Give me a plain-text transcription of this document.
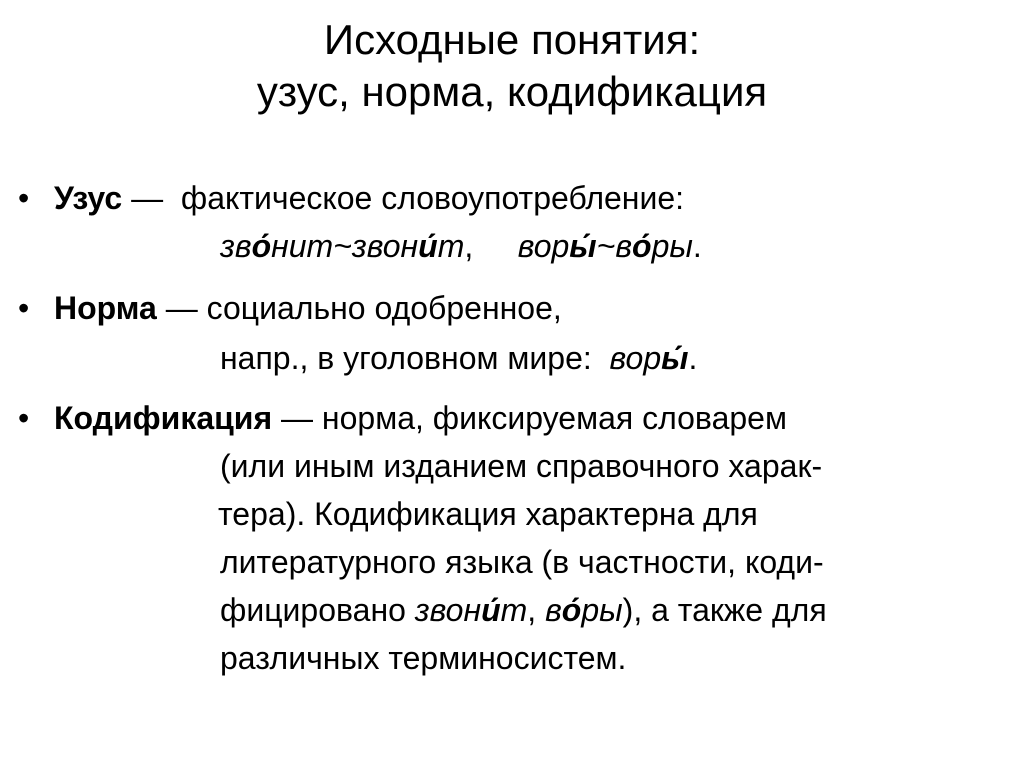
Исходные понятия:
узус, норма, кодификация
• Узус —  фактическое словоупотребление:
зво́нит~звони́т,     воры́~во́ры.
• Норма — социально одобренное,
напр., в уголовном мире:  воры́.
• Кодификация — норма, фиксируемая словарем
(или иным изданием справочного харак-
тера). Кодификация характерна для
литературного языка (в частности, коди-
фицировано звони́т, во́ры), а также для
различных терминосистем.
